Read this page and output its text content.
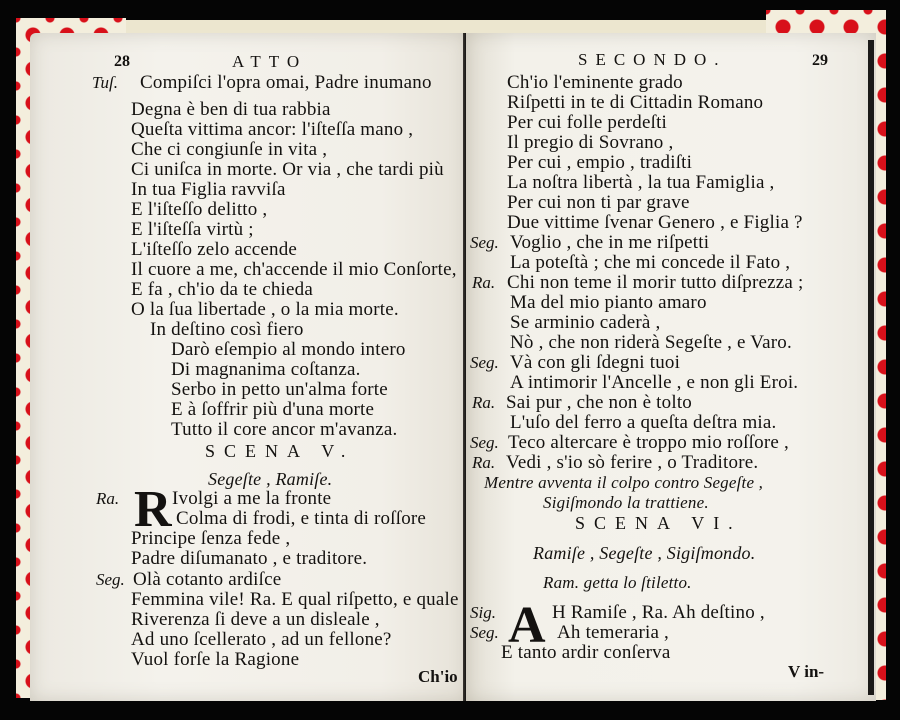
28	ATTO
Tuſ. Compiſci l'opra omai, Padre inumano
Degna è ben di tua rabbia
Queſta vittima ancor: l'iſteſſa mano ,
Che ci congiunſe in vita ,
Ci uniſca in morte. Or via , che tardi più
In tua Figlia ravviſa
E l'iſteſſo delitto ,
E l'iſteſſa virtù ;
L'iſteſſo zelo accende
Il cuore a me, ch'accende il mio Conſorte,
E fa , ch'io da te chieda
O la ſua libertade , o la mia morte.
In deſtino così fiero
Darò eſempio al mondo intero
Di magnanima coſtanza.
Serbo in petto un'alma forte
E à ſoffrir più d'una morte
Tutto il core ancor m'avanza.
SCENA V.
Segeſte , Ramiſe.
Ra. R Ivolgi a me la fronte
Colma di frodi, e tinta di roſſore
Principe ſenza fede ,
Padre diſumanato , e traditore.
Seg. Olà cotanto ardiſce
Femmina vile! Ra. E qual riſpetto, e quale
Riverenza ſi deve a un disleale ,
Ad uno ſcellerato , ad un fellone?
Vuol forſe la Ragione
Ch'io
SECONDO.	29
Ch'io l'eminente grado
Riſpetti in te di Cittadin Romano
Per cui folle perdeſti
Il pregio di Sovrano ,
Per cui , empio , tradiſti
La noſtra libertà , la tua Famiglia ,
Per cui non ti par grave
Due vittime ſvenar Genero , e Figlia ?
Seg. Voglio , che in me riſpetti
La poteſtà ; che mi concede il Fato ,
Ra. Chi non teme il morir tutto diſprezza ;
Ma del mio pianto amaro
Se arminio caderà ,
Nò , che non riderà Segeſte , e Varo.
Seg. Và con gli ſdegni tuoi
A intimorir l'Ancelle , e non gli Eroi.
Ra. Sai pur , che non è tolto
L'uſo del ferro a queſta deſtra mia.
Seg. Teco altercare è troppo mio roſſore ,
Ra. Vedi , s'io sò ferire , o Traditore.
Mentre avventa il colpo contro Segeſte ,
Sigiſmondo la trattiene.
SCENA VI.
Ramiſe , Segeſte , Sigiſmondo.
Ram. getta lo ſtiletto.
Sig. A H Ramiſe , Ra. Ah deſtino ,
Seg.	Ah temeraria ,
E tanto ardir conſerva
V in-
